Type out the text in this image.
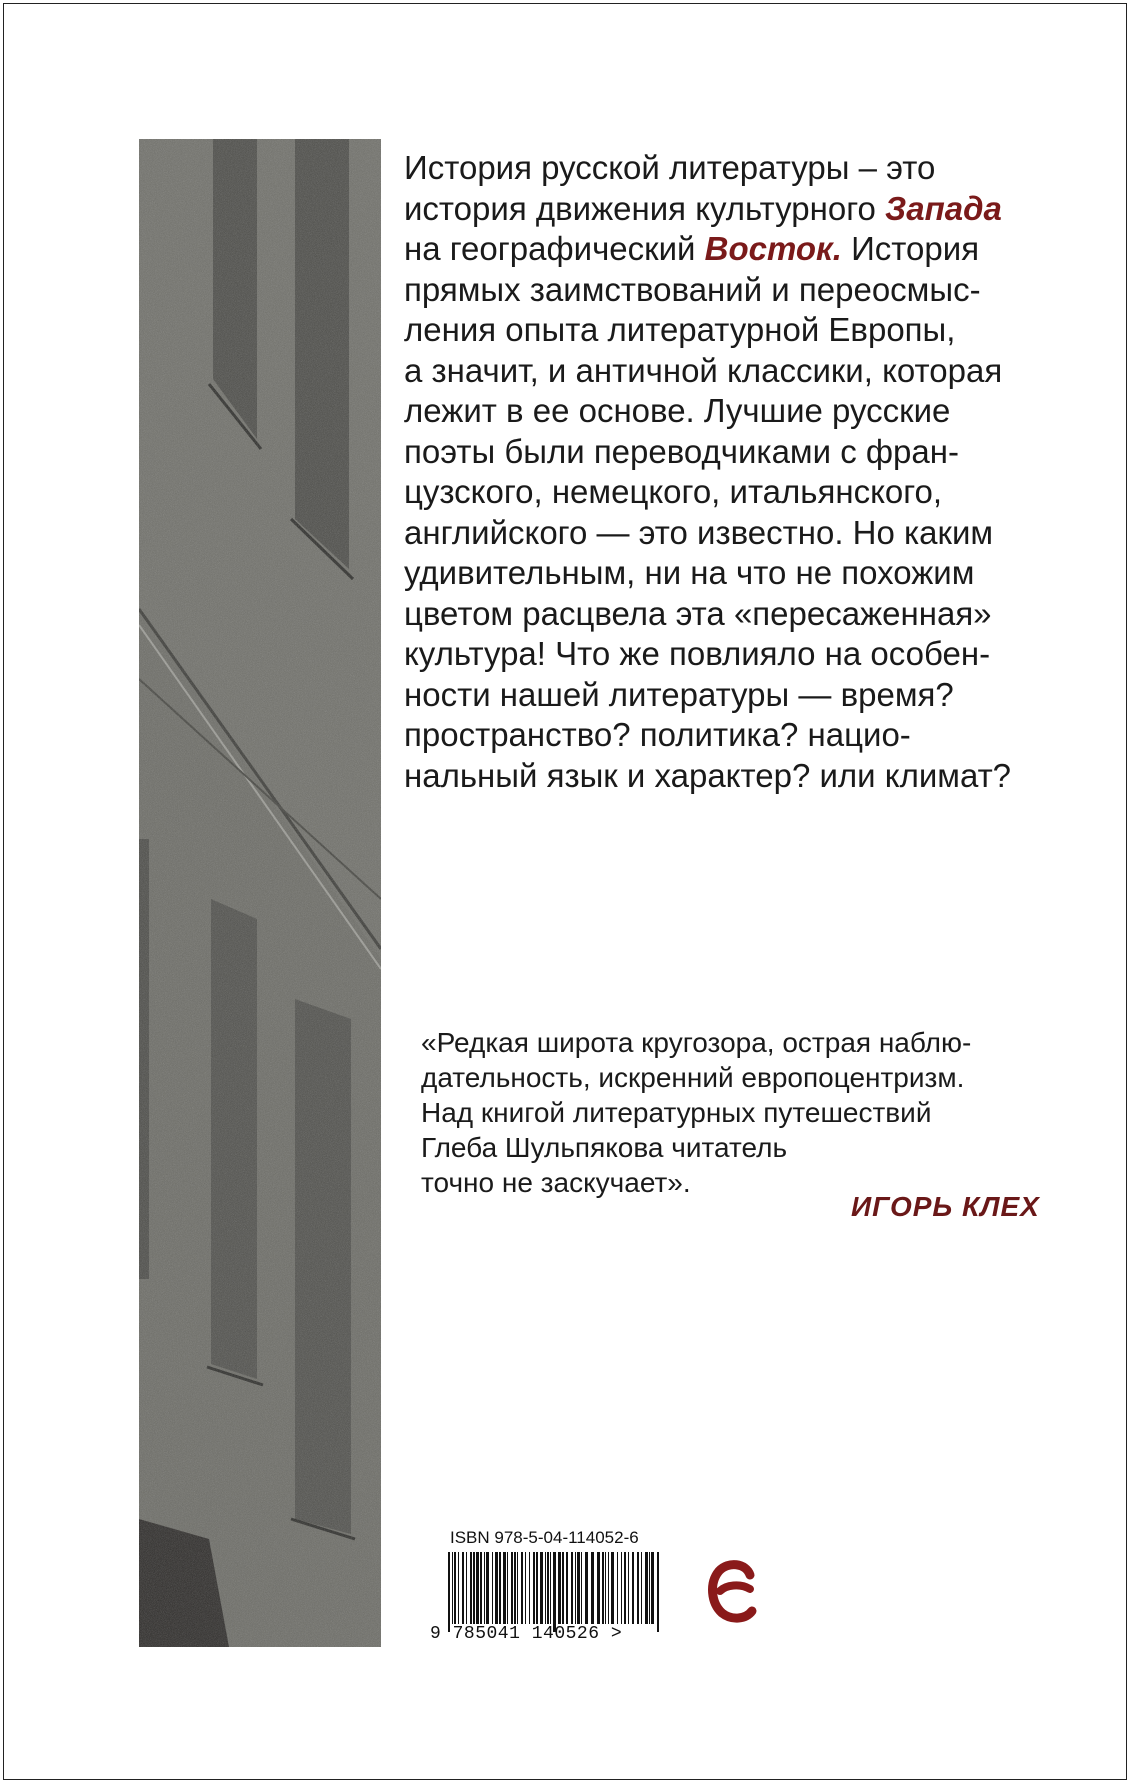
История русской литературы – это
история движения культурного Запада
на географический Восток. История
прямых заимствований и переосмыс-
ления опыта литературной Европы,
а значит, и античной классики, которая
лежит в ее основе. Лучшие русские
поэты были переводчиками с фран-
цузского, немецкого, итальянского,
английского — это известно. Но каким
удивительным, ни на что не похожим
цветом расцвела эта «пересаженная»
культура! Что же повлияло на особен-
ности нашей литературы — время?
пространство? политика? нацио-
нальный язык и характер? или климат?
«Редкая широта кругозора, острая наблю-
дательность, искренний европоцентризм.
Над книгой литературных путешествий
Глеба Шульпякова читатель
точно не заскучает».
ИГОРЬ КЛЕХ
ISBN 978-5-04-114052-6
9 785041 140526 >
